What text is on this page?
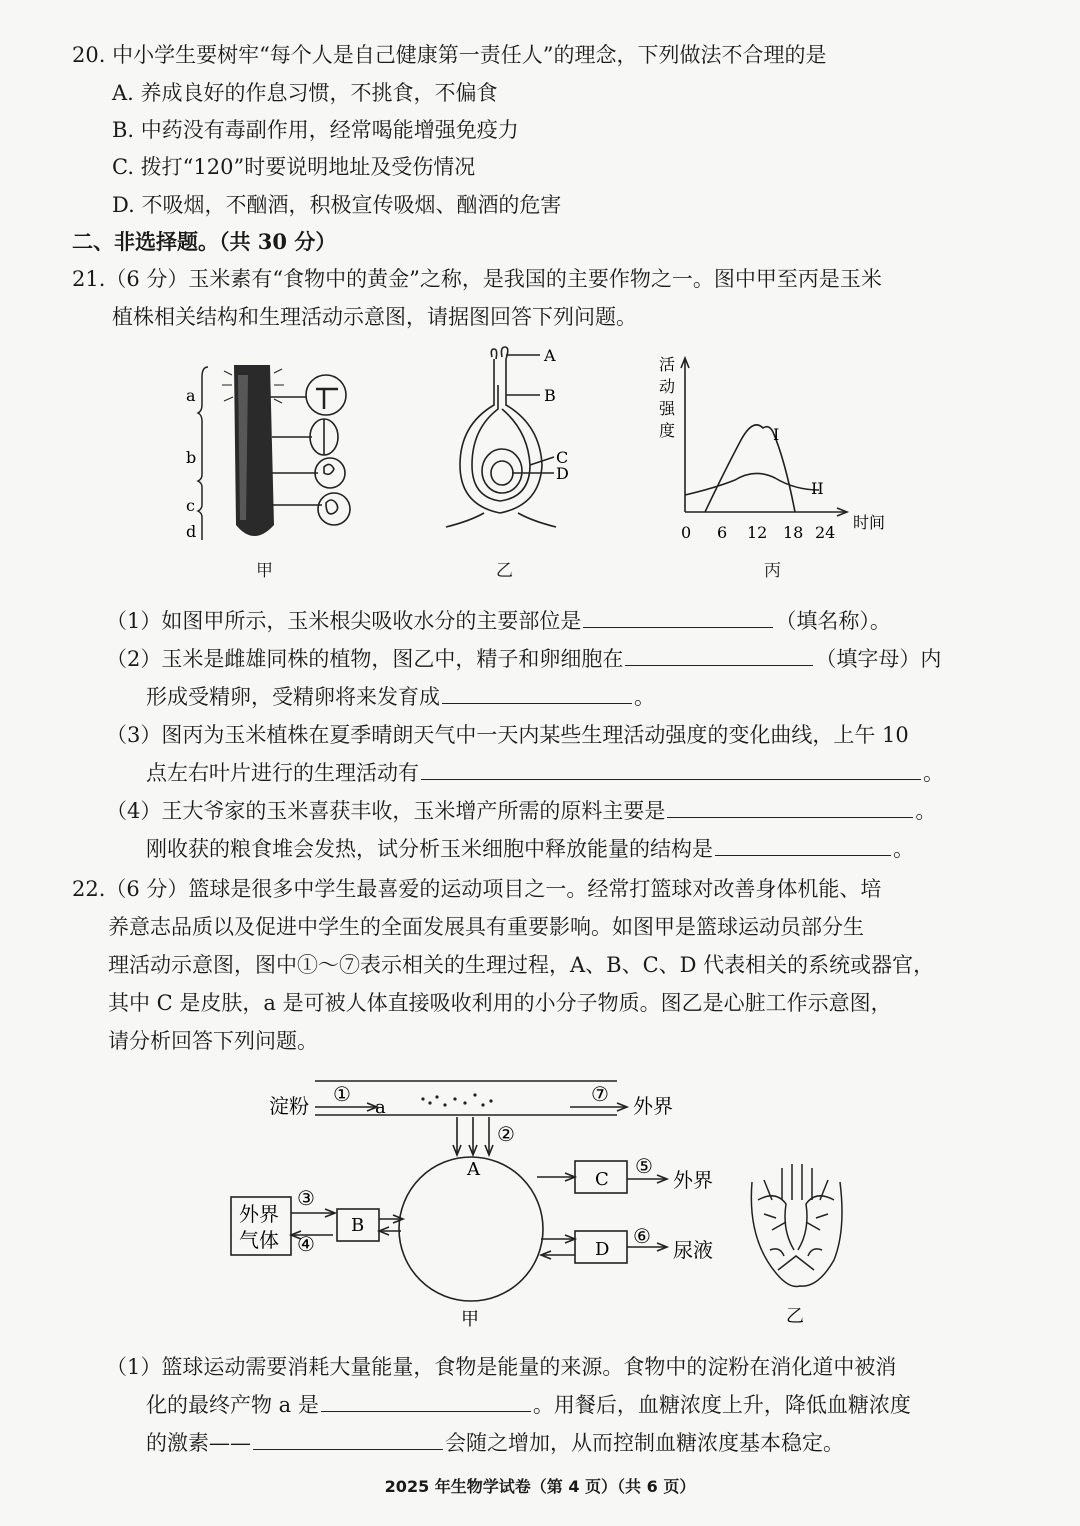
20. 中小学生要树牢“每个人是自己健康第一责任人”的理念，下列做法不合理的是
A. 养成良好的作息习惯，不挑食，不偏食
B. 中药没有毒副作用，经常喝能增强免疫力
C. 拨打“120”时要说明地址及受伤情况
D. 不吸烟，不酗酒，积极宣传吸烟、酗酒的危害
二、非选择题。（共 30 分）
21.（6 分）玉米素有“食物中的黄金”之称，是我国的主要作物之一。图中甲至丙是玉米
植株相关结构和生理活动示意图，请据图回答下列问题。
a
b
c
d
甲
A
B
C
D
乙
活
动
强
度	I
II
0 6 12 18 24
时间
丙
（1）如图甲所示，玉米根尖吸收水分的主要部位是	（填名称）。
（2）玉米是雌雄同株的植物，图乙中，精子和卵细胞在	（填字母）内
形成受精卵，受精卵将来发育成	。
（3）图丙为玉米植株在夏季晴朗天气中一天内某些生理活动强度的变化曲线，上午 10
点左右叶片进行的生理活动有	。
（4）王大爷家的玉米喜获丰收，玉米增产所需的原料主要是	。
刚收获的粮食堆会发热，试分析玉米细胞中释放能量的结构是	。
22.（6 分）篮球是很多中学生最喜爱的运动项目之一。经常打篮球对改善身体机能、培
养意志品质以及促进中学生的全面发展具有重要影响。如图甲是篮球运动员部分生
理活动示意图，图中①～⑦表示相关的生理过程，A、B、C、D 代表相关的系统或器官，
其中 C 是皮肤，a 是可被人体直接吸收利用的小分子物质。图乙是心脏工作示意图，
请分析回答下列问题。
淀粉 ①
a
⑦ 外界
②
A	C
⑤
外界
D
⑥
尿液
B
③
④
外界
气体
甲	乙
（1）篮球运动需要消耗大量能量，食物是能量的来源。食物中的淀粉在消化道中被消
化的最终产物 a 是	。用餐后，血糖浓度上升，降低血糖浓度
的激素——	会随之增加，从而控制血糖浓度基本稳定。
2025 年生物学试卷（第 4 页）（共 6 页）
